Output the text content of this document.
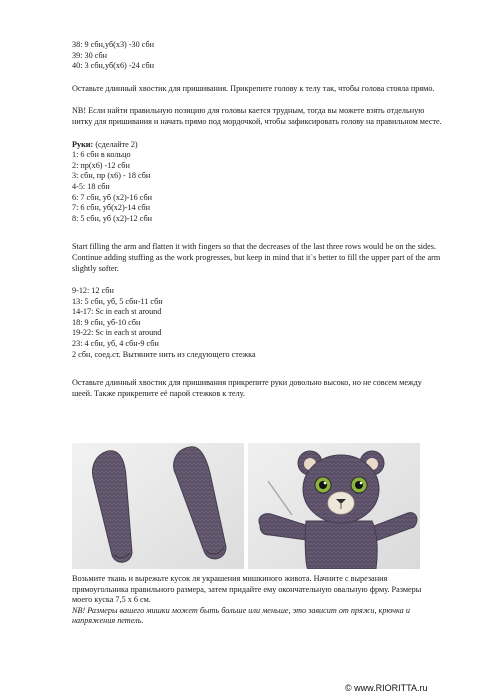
38: 9 сбн,уб(х3) -30 сбн
39: 30 сбн
40: 3 сбн,уб(х6) -24 сбн
Оставьте длинный хвостик для пришивания. Прикрепите голову к телу так, чтобы голова стояла прямо.
NB! Если найти правильную позицию для головы кается трудным, тогда вы можете взять отдельную нитку для пришивания и начать прямо под мордочкой, чтобы зафиксировать голову на правильном месте.
Руки: (сделайте 2)
1: 6 сбн в кольцо
2: пр(х6) -12 сбн
3: сбн, пр (х6) - 18 сбн
4-5: 18 сбн
6: 7 сбн, уб (х2)-16 сбн
7: 6 сбн, уб(х2)-14 сбн
8: 5 сбн, уб (х2)-12 сбн
Start filling the arm and flatten it with fingers so that the decreases of the last three rows would be on the sides. Continue adding stuffing as the work progresses, but keep in mind that it`s better to fill the upper part of the arm slightly softer.
9-12: 12 сбн
13: 5 сбн, уб, 5 сбн-11 сбн
14-17: Sc in each st around
18: 9 сбн, уб-10 сбн
19-22: Sc in each st around
23: 4 сбн, уб, 4 сбн-9 сбн
2 сбн, соед.ст. Вытяните нить из следующего стежка
Оставьте длинный хвостик для пришивания прикрепите руки довольно высоко, но не совсем между шеей. Также прикрепите её парой стежков к телу.
Возьмите ткань и вырежьте кусок ля украшения мишкиного живота. Начните с вырезания прямоугольника правильного размера, затем придайте ему окончательную овальную фрму. Размеры моего куска 7,5 х 6 см.
NB! Размеры вашего мишки может быть больше или меньше, это зависит от пряжи, крючка и напряжения петель.
© www.RIORITTA.ru
